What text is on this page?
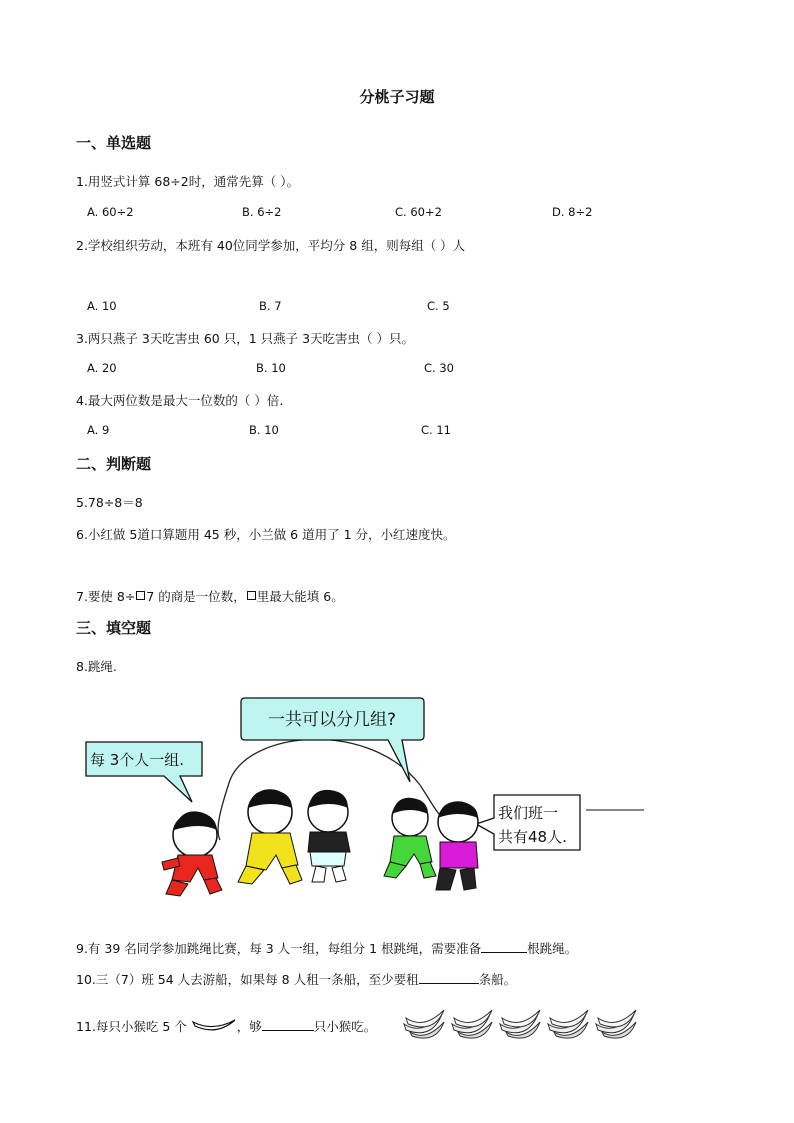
分桃子习题
一、单选题
1.用竖式计算 68÷2时，通常先算（ ）。
A. 60÷2	B. 6÷2	C. 60+2	D. 8÷2
2.学校组织劳动，本班有 40位同学参加，平均分 8 组，则每组（ ）人
A. 10	B. 7	C. 5
3.两只燕子 3天吃害虫 60 只，1 只燕子 3天吃害虫（ ）只。
A. 20	B. 10	C. 30
4.最大两位数是最大一位数的（ ）倍.
A. 9	B. 10	C. 11
二、判断题
5.78÷8＝8
6.小红做 5道口算题用 45 秒，小兰做 6 道用了 1 分，小红速度快。
7.要使 8÷ 7 的商是一位数， 里最大能填 6。
三、填空题
8.跳绳.
一共可以分几组?
每 3个人一组.
我们班一
共有48人.
9.有 39 名同学参加跳绳比赛，每 3 人一组，每组分 1 根跳绳，需要准备	根跳绳。
10.三（7）班 54 人去游船，如果每 8 人租一条船，至少要租	条船。
11.每只小猴吃 5 个	，够	只小猴吃。
